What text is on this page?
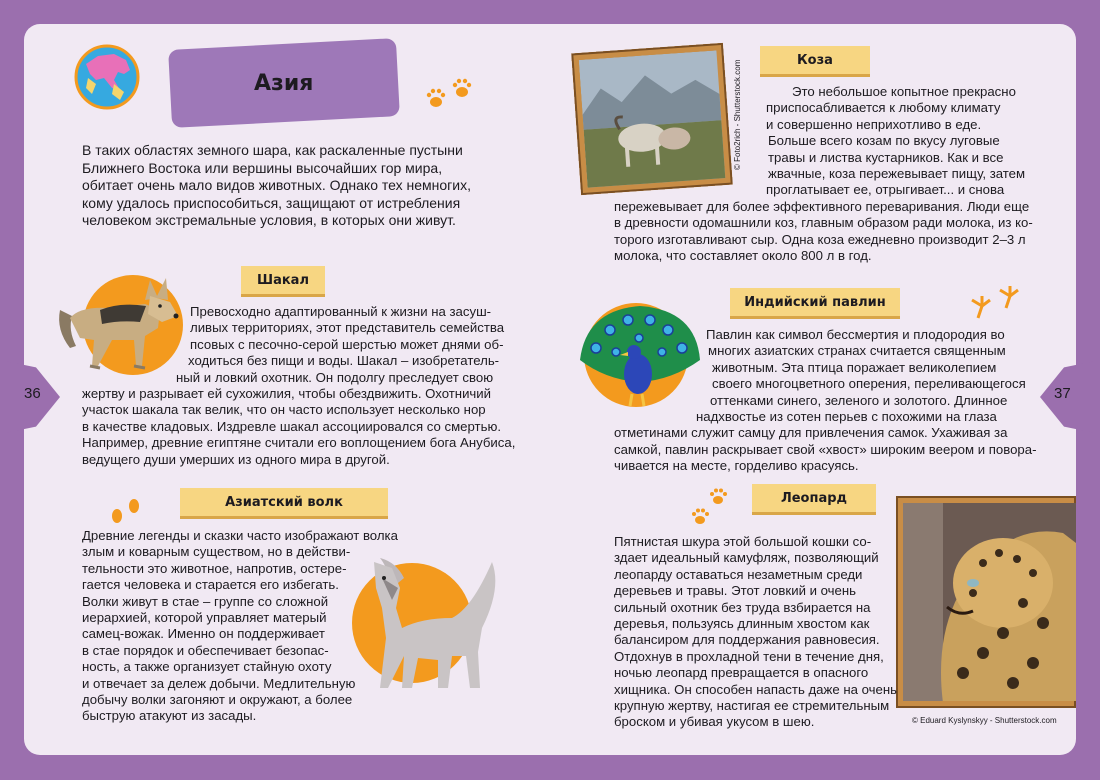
36	37
Азия
В таких областях земного шара, как раскаленные пустыни
Ближнего Востока или вершины высочайших гор мира,
обитает очень мало видов животных. Однако тех немногих,
кому удалось приспособиться, защищают от истребления
человеком экстремальные условия, в которых они живут.
Шакал
Превосходно адаптированный к жизни на засуш-
ливых территориях, этот представитель семейства
псовых с песочно-серой шерстью может днями об-
ходиться без пищи и воды. Шакал – изобретатель-
ный и ловкий охотник. Он подолгу преследует свою
жертву и разрывает ей сухожилия, чтобы обездвижить. Охотничий
участок шакала так велик, что он часто использует несколько нор
в качестве кладовых. Издревле шакал ассоциировался со смертью.
Например, древние египтяне считали его воплощением бога Анубиса,
ведущего души умерших из одного мира в другой.
Азиатский волк
Древние легенды и сказки часто изображают волка
злым и коварным существом, но в действи-
тельности это животное, напротив, остере-
гается человека и старается его избегать.
Волки живут в стае – группе со сложной
иерархией, которой управляет матерый
самец-вожак. Именно он поддерживает
в стае порядок и обеспечивает безопас-
ность, а также организует стайную охоту
и отвечает за дележ добычи. Медлительную
добычу волки загоняют и окружают, а более
быструю атакуют из засады.
© Foto2rich - Shutterstock.com	Коза
Это небольшое копытное прекрасно
приспосабливается к любому климату
и совершенно неприхотливо в еде.
Больше всего козам по вкусу луговые
травы и листва кустарников. Как и все
жвачные, коза пережевывает пищу, затем
проглатывает ее, отрыгивает... и снова
пережевывает для более эффективного переваривания. Люди еще
в древности одомашнили коз, главным образом ради молока, из ко-
торого изготавливают сыр. Одна коза ежедневно производит 2–3 л
молока, что составляет около 800 л в год.
Индийский павлин
Павлин как символ бессмертия и плодородия во
многих азиатских странах считается священным
животным. Эта птица поражает великолепием
своего многоцветного оперения, переливающегося
оттенками синего, зеленого и золотого. Длинное
надхвостье из сотен перьев с похожими на глаза
отметинами служит самцу для привлечения самок. Ухаживая за
самкой, павлин раскрывает свой «хвост» широким веером и повора-
чивается на месте, горделиво красуясь.
Леопард
© Eduard Kyslynskyy - Shutterstock.com
Пятнистая шкура этой большой кошки со-
здает идеальный камуфляж, позволяющий
леопарду оставаться незаметным среди
деревьев и травы. Этот ловкий и очень
сильный охотник без труда взбирается на
деревья, пользуясь длинным хвостом как
балансиром для поддержания равновесия.
Отдохнув в прохладной тени в течение дня,
ночью леопард превращается в опасного
хищника. Он способен напасть даже на очень
крупную жертву, настигая ее стремительным
броском и убивая укусом в шею.
